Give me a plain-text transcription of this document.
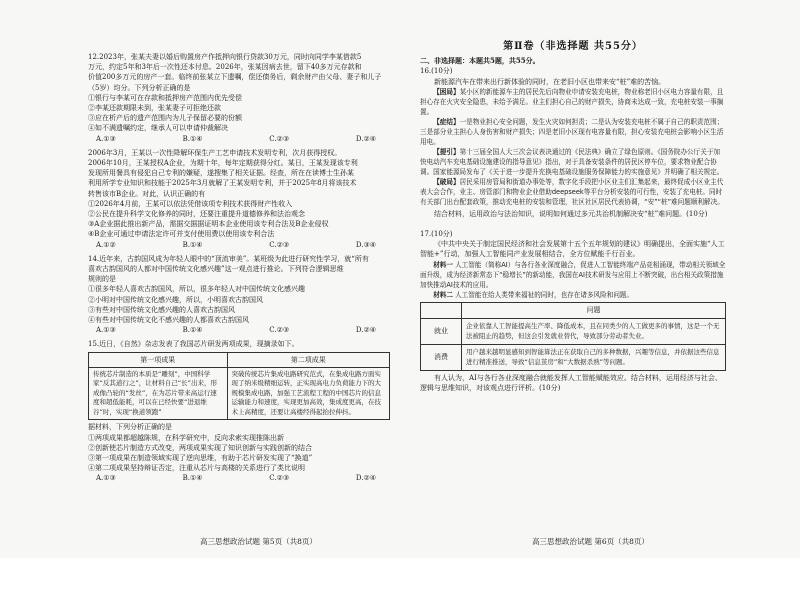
12.2023年，张某夫妻以婚后购置房产作抵押向银行贷款30万元，同时向同学李某借款5

万元，约定5年和3年后一次性还本付息。2026年，张某因病去世，留下40多万元存款和

价值200多万元的房产一套。临终前张某立下遗嘱，偿还债务后，剩余财产由父母、妻子和儿子（5岁）均分。下列分析正确的是

①银行与李某可在存款和抵押房产范围内优先受偿

②李某还款期限未到，张某妻子可拒绝还款

③应在析产后的遗产范围内为儿子保留必要的份额

④如不满遗嘱约定，继承人可以申请仲裁解决

A.①③	B.①④	C.②③	D.②④

2006年3月，王某以一次性降解环保生产工艺申请技术发明专利，次月获得授权。

2006年10月，王某授权A企业，为期十年，每年定期获得分红。某日，王某发现该专利

发现所用餐具有侵犯自己专利的嫌疑，遂搜集了相关证据。经查，所在在读博士生孙某

利用所学专业知识和技能于2025年3月就解了王某发明专利，并于2025年8月将该技术

转售该市B企业。对此，认识正确的有

①2026年4月前，王某可以依法凭借该项专利技术获得财产性收入

②公民在提升科学文化修养的同时，还要注重提升道德修养和法治观念

③A企业据此推出新产品，需据交据据证明本企业使用该专利合法及B企业侵权

④B企业可通过申请法定许可并支付使用费以使用该专利合法

A.①②	B.①④	C.②③	D.③④

14.近年来，古韵国风成为年轻人眼中的“顶流审美”。某班级为此进行研究性学习，就“所有

喜欢古韵国风的人都对中国传统文化感兴趣”这一观点进行推论。下列符合逻辑思维

规则的是

①很多年轻人喜欢古韵国风，所以，很多年轻人对中国传统文化感兴趣

②小明对中国传统文化感兴趣，所以，小明喜欢古韵国风

③有些对中国传统文化感兴趣的人喜欢古韵国风

④有些对中国传统文化不感兴趣的人都喜欢古韵国风

A.①③	B.①④	C.②③	D.②④

15.近日，《自然》杂志发表了我国芯片研发两项成果，现摘录如下。

第一项成果	第二项成果
传统芯片制造的本质是“雕刻”，中国科学家“反其道行之”，让材料自己“长”出来，形成像凸轮的“发丝”，在为芯片带来高运行速度和超低能耗，可以在已经快要“进退维谷”时，实现“换道领跑”	突破传统芯片集成电路研究范式，在集成电路方面实现了纳米级精细运转，正实现高电力负荷能力下的大规模集成电路，加强工艺流程工程的中国芯片的信息运输能力和速度，实现更加高效，集成度更高，在技术上高精度，还要让高楼经得起抬拉伸抖。

据材料，下列分析正确的是

①两项成果都超越陈规，在科学研究中，反向求索实现推陈出新

②创新使芯片制造方式改变，两项成果实现了知识创新与实践创新的结合

③第一项成果在制造领域实现了逆向思维，有助于芯片研发实现了“换道”

④第二项成果坚持辩证否定，注重从芯片与高楼的关系进行了类比说明

A.①③	B.①④	C.②③	D.②④

第Ⅱ卷（非选择题 共55分）

二、非选择题：本题共5题，共55分。

16.(10分)

新能源汽车在带来出行新体验的同时，在老旧小区也带来安“桩”难的苦恼。

【困局】某小区的新能源车主的居民先后向物业申请安装充电桩，物业称老旧小区电力容量有限，且担心存在火灾安全隐患，未给予满足。业主们担心自己的财产损失，协商未达成一致，充电桩安装一事搁置。

【症结】一是物业担心安全问题，发生火灾如何担责；二是认为安装充电桩不属于自己的职责范围；三是部分业主担心人身伤害和财产损失；四是老旧小区现有电容量有限，担心安装充电桩会影响小区生活用电。

【提引】第十三届全国人大三次会议表决通过的《民法典》确立了绿色原则。《国务院办公厅关于加快电动汽车充电基础设施建设的指导意见》指出，对于具备安装条件的居民区停车位，要求物业配合协调。国家能源局发布了《关于进一步提升充换电基础设施服务保障能力的实施意见》并明确了相关规定。

【破局】居民采用房管局和街道办事处等，数字化手段把小区业主们汇集起来，最终促成小区业主代表大会合作，业主、房管部门和物业企业借助deepseek等平台分析安装的可行性，安装了充电桩。同时有关部门出台配套政策，推动充电桩的安装和管理，社区社区居民代表协调，“安”“桩”难问题顺利解决。

结合材料，运用政治与法治知识，说明如何通过多元共治机制解决安“桩”难问题。(10分)

17.(10分)

《中共中央关于制定国民经济和社会发展第十五个五年规划的建议》明确提出，全面实施“人工智能+”行动，加强人工智能同产业发展相结合，全方位赋能千行百业。

材料一 人工智能（简称AI）与各行各业深度融合，促进人工智能终端产品竞相涌现，带动相关领域全面升级，成为经济新常态下“稳增长”的新动能，我国在AI技术研发与应用上不断突破，出台相关政策措施加快推动AI技术的应用。

材料二 人工智能在给人类带来福祉的同时，也存在诸多风险和问题。

	问题
就业	企业依靠人工智能提高生产率、降低成本，且在同类少的人工做更多的事情，这是一个无法被阻止的趋势，但这会引发就业替代，导致部分劳动者失业。
消费	用户越来越明显感知到智能算法正在获取自己的多种数据，兴趣等信息，并依据这些信息进行精准推送，导致“信息茧房”和“大数据杀熟”等问题。

有人认为，AI与各行各业深度融合就能发挥人工智能赋能效应。结合材料，运用经济与社会、逻辑与思维知识，对该观点进行评析。(10分)

高三思想政治试题 第5页（共8页）	高三思想政治试题 第6页（共8页）
